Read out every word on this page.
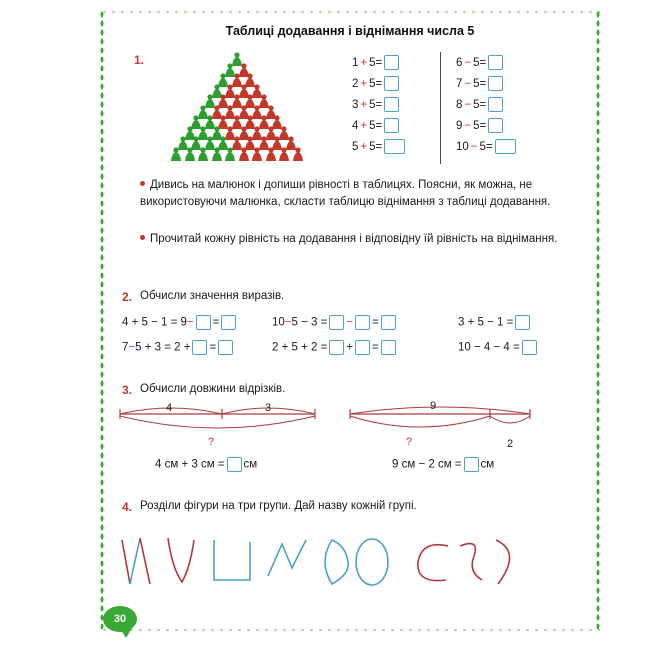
Таблиці додавання і віднімання числа 5
1.	1 + 5 =
2 + 5 =
3 + 5 =
4 + 5 =
5 + 5 =
6 − 5 =
7 − 5 =
8 − 5 =
9 − 5 =
10 − 5 =
Дивись на малюнок і допиши рівності в таблицях. Поясни, як можна, не використовуючи малюнка, скласти таблицю віднімання з таблиці додавання.
Прочитай кожну рівність на додавання і відповідну їй рівність на віднімання.
2. Обчисли значення виразів.
4 + 5 − 1 = 9− =	10−5 − 3 = − =	3 + 5 − 1 =
7−5 + 3 = 2 + =	2 + 5 + 2 = + =	10 − 4 − 4 =
3. Обчисли довжини відрізків.
4	3
?
9
?	2
4 см + 3 см = см	9 см − 2 см = см
4. Розділи фігури на три групи. Дай назву кожній групі.
30
